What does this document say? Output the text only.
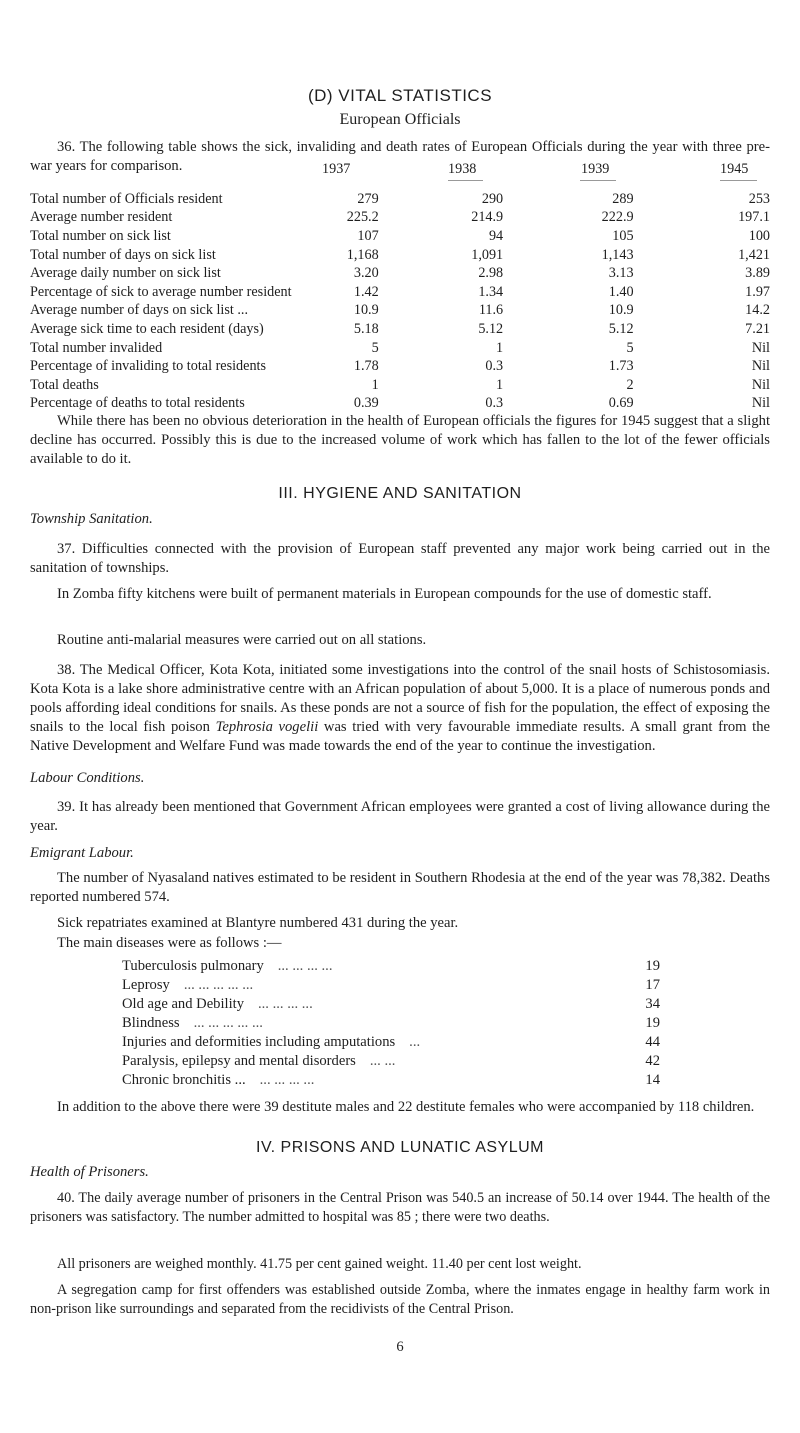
(D) VITAL STATISTICS
European Officials

36. The following table shows the sick, invaliding and death rates of European Officials during the year with three pre-war years for comparison.	1937	1938	1939	1945
Total number of Officials resident	279	290	289	253
Average number resident	225.2	214.9	222.9	197.1
Total number on sick list	107	94	105	100
Total number of days on sick list	1,168	1,091	1,143	1,421
Average daily number on sick list	3.20	2.98	3.13	3.89
Percentage of sick to average number resident	1.42	1.34	1.40	1.97
Average number of days on sick list ...	10.9	11.6	10.9	14.2
Average sick time to each resident (days)	5.18	5.12	5.12	7.21
Total number invalided	5	1	5	Nil
Percentage of invaliding to total residents	1.78	0.3	1.73	Nil
Total deaths	1	1	2	Nil
Percentage of deaths to total residents	0.39	0.3	0.69	Nil

While there has been no obvious deterioration in the health of European officials the figures for 1945 suggest that a slight decline has occurred. Possibly this is due to the increased volume of work which has fallen to the lot of the fewer officials available to do it.

III. HYGIENE AND SANITATION

Township Sanitation.

37. Difficulties connected with the provision of European staff prevented any major work being carried out in the sanitation of townships.

In Zomba fifty kitchens were built of permanent materials in European compounds for the use of domestic staff.

Routine anti-malarial measures were carried out on all stations.

38. The Medical Officer, Kota Kota, initiated some investigations into the control of the snail hosts of Schistosomiasis. Kota Kota is a lake shore administrative centre with an African population of about 5,000. It is a place of numerous ponds and pools affording ideal conditions for snails. As these ponds are not a source of fish for the population, the effect of exposing the snails to the local fish poison Tephrosia vogelii was tried with very favourable immediate results. A small grant from the Native Development and Welfare Fund was made towards the end of the year to continue the investigation.

Labour Conditions.

39. It has already been mentioned that Government African employees were granted a cost of living allowance during the year.

Emigrant Labour.

The number of Nyasaland natives estimated to be resident in Southern Rhodesia at the end of the year was 78,382. Deaths reported numbered 574.

Sick repatriates examined at Blantyre numbered 431 during the year.

The main diseases were as follows :—

Tuberculosis pulmonary ... ... ... ...	19
Leprosy ... ... ... ... ...	17
Old age and Debility ... ... ... ...	34
Blindness ... ... ... ... ...	19
Injuries and deformities including amputations ...	44
Paralysis, epilepsy and mental disorders ... ...	42
Chronic bronchitis ... ... ... ... ...	14

In addition to the above there were 39 destitute males and 22 destitute females who were accompanied by 118 children.

IV. PRISONS AND LUNATIC ASYLUM

Health of Prisoners.

40. The daily average number of prisoners in the Central Prison was 540.5 an increase of 50.14 over 1944. The health of the prisoners was satisfactory. The number admitted to hospital was 85 ; there were two deaths.

All prisoners are weighed monthly. 41.75 per cent gained weight. 11.40 per cent lost weight.

A segregation camp for first offenders was established outside Zomba, where the inmates engage in healthy farm work in non-prison like surroundings and separated from the recidivists of the Central Prison.

6
